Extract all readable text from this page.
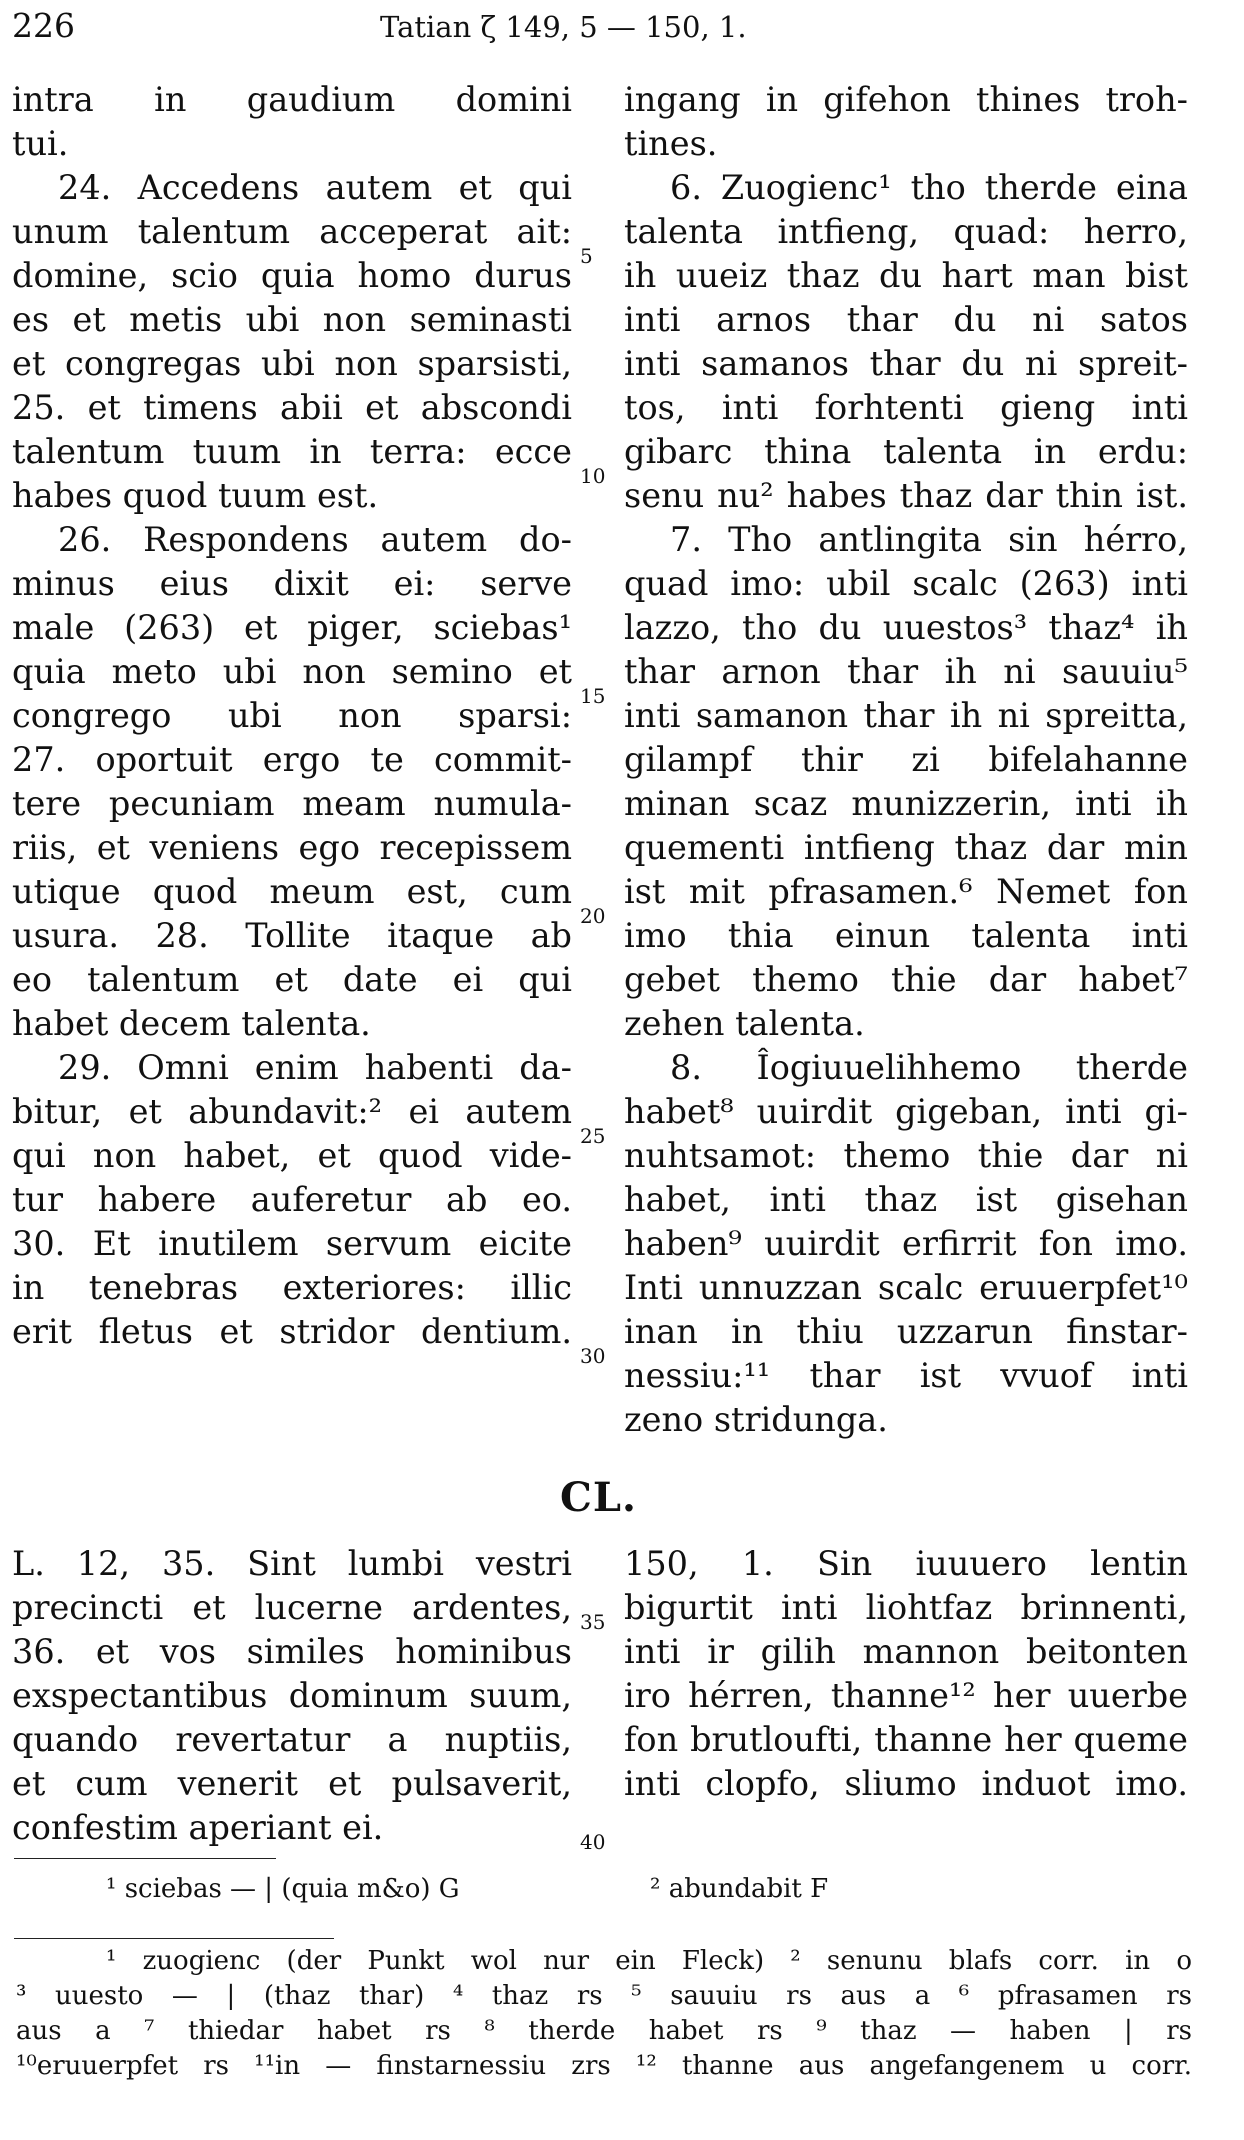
226	Tatian ζ 149, 5 — 150, 1.
intra in gaudium domini
tui.
24. Accedens autem et qui
unum talentum acceperat ait:
domine, scio quia homo durus
es et metis ubi non seminasti
et congregas ubi non sparsisti,
25. et timens abii et abscondi
talentum tuum in terra: ecce
habes quod tuum est.
26. Respondens autem do-
minus eius dixit ei: serve
male (263) et piger, sciebas¹
quia meto ubi non semino et
congrego ubi non sparsi:
27. oportuit ergo te commit-
tere pecuniam meam numula-
riis, et veniens ego recepissem
utique quod meum est, cum
usura. 28. Tollite itaque ab
eo talentum et date ei qui
habet decem talenta.
29. Omni enim habenti da-
bitur, et abundavit:² ei autem
qui non habet, et quod vide-
tur habere auferetur ab eo.
30. Et inutilem servum eicite
in tenebras exteriores: illic
erit fletus et stridor dentium.
ingang in gifehon thines troh-
tines.
6. Zuogienc¹ tho therde eina
talenta intfieng, quad: herro,
ih uueiz thaz du hart man bist
inti arnos thar du ni satos
inti samanos thar du ni spreit-
tos, inti forhtenti gieng inti
gibarc thina talenta in erdu:
senu nu² habes thaz dar thin ist.
7. Tho antlingita sin hérro,
quad imo: ubil scalc (263) inti
lazzo, tho du uuestos³ thaz⁴ ih
thar arnon thar ih ni sauuiu⁵
inti samanon thar ih ni spreitta,
gilampf thir zi bifelahanne
minan scaz munizzerin, inti ih
quementi intfieng thaz dar min
ist mit pfrasamen.⁶ Nemet fon
imo thia einun talenta inti
gebet themo thie dar habet⁷
zehen talenta.
8. Îogiuuelihhemo therde
habet⁸ uuirdit gigeban, inti gi-
nuhtsamot: themo thie dar ni
habet, inti thaz ist gisehan
haben⁹ uuirdit erfirrit fon imo.
Inti unnuzzan scalc eruuerpfet¹⁰
inan in thiu uzzarun finstar-
nessiu:¹¹ thar ist vvuof inti
zeno stridunga.
5
10
15
20
25
30
35
40
CL.
L. 12, 35. Sint lumbi vestri
precincti et lucerne ardentes,
36. et vos similes hominibus
exspectantibus dominum suum,
quando revertatur a nuptiis,
et cum venerit et pulsaverit,
confestim aperiant ei.
150, 1. Sin iuuuero lentin
bigurtit inti liohtfaz brinnenti,
inti ir gilih mannon beitonten
iro hérren, thanne¹² her uuerbe
fon brutloufti, thanne her queme
inti clopfo, sliumo induot imo.
¹ sciebas — | (quia m&o) G	² abundabit F
¹ zuogienc (der Punkt wol nur ein Fleck) ² senunu blafs corr. in o
³ uuesto — | (thaz thar) ⁴ thaz rs ⁵ sauuiu rs aus a ⁶ pfrasamen rs
aus a ⁷ thiedar habet rs ⁸ therde habet rs ⁹ thaz — haben | rs
¹⁰eruuerpfet rs ¹¹in — finstarnessiu zrs ¹² thanne aus angefangenem u corr.
